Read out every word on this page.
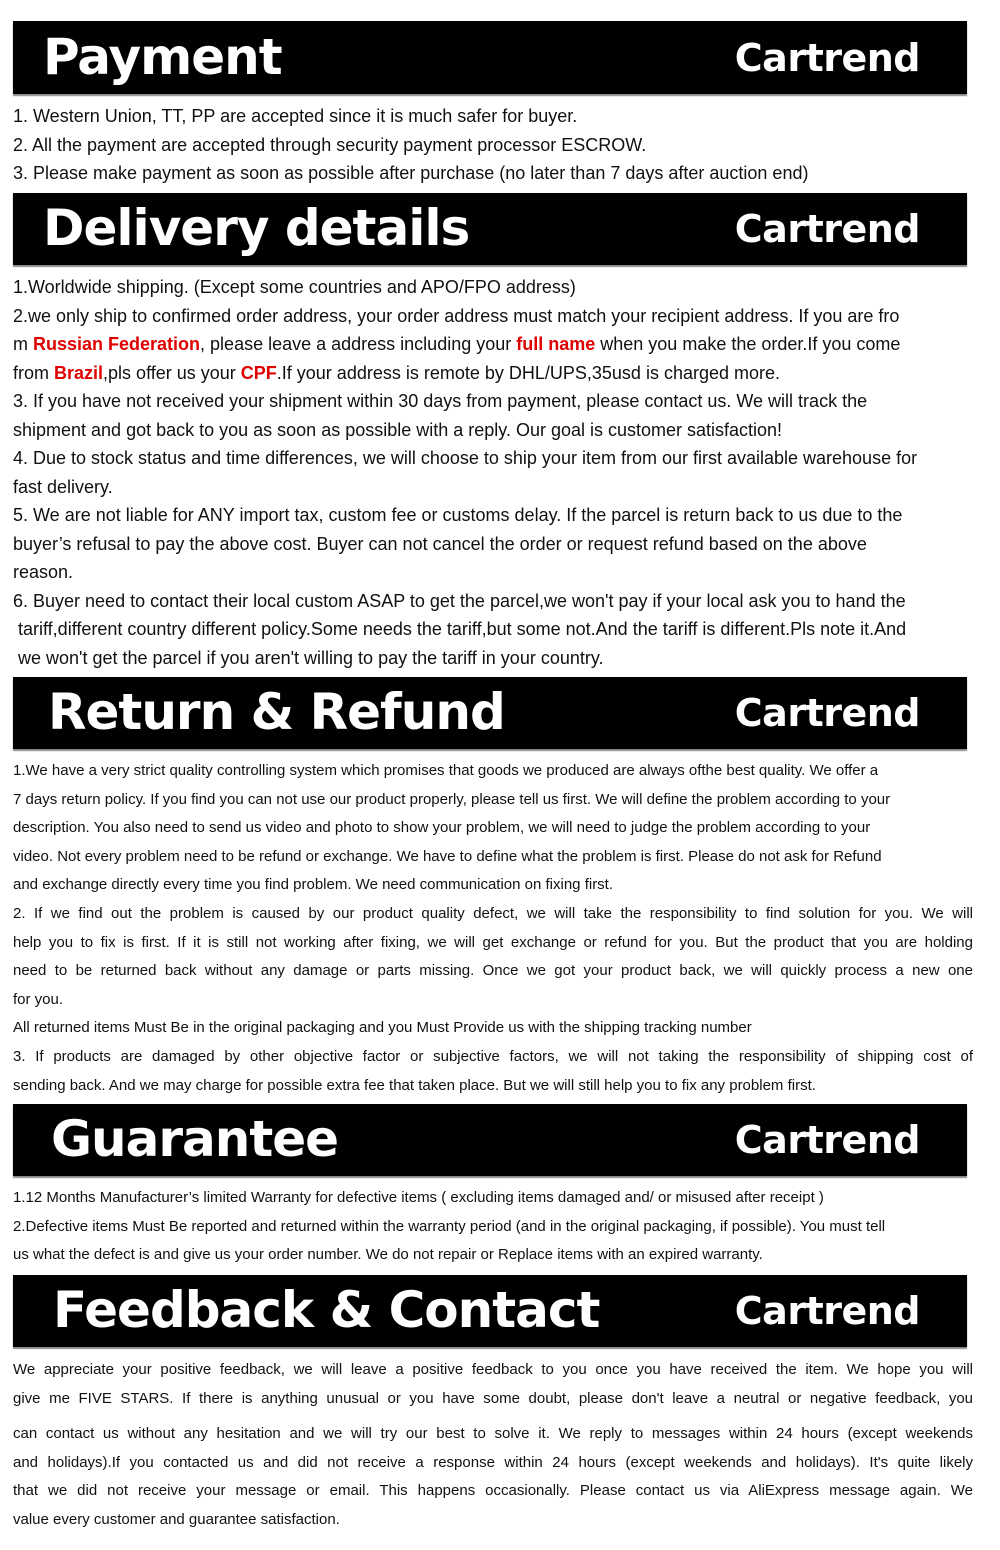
Payment	Cartrend

1. Western Union, TT, PP are accepted since it is much safer for buyer.

2. All the payment are accepted through security payment processor ESCROW.

3. Please make payment as soon as possible after purchase (no later than 7 days after auction end)

Delivery details	Cartrend

1.Worldwide shipping. (Except some countries and APO/FPO address)

2.we only ship to confirmed order address, your order address must match your recipient address. If you are fro

m Russian Federation, please leave a address including your full name when you make the order.If you come

from Brazil,pls offer us your CPF.If your address is remote by DHL/UPS,35usd is charged more.

3. If you have not received your shipment within 30 days from payment, please contact us. We will track the

shipment and got back to you as soon as possible with a reply. Our goal is customer satisfaction!

4. Due to stock status and time differences, we will choose to ship your item from our first available warehouse for

fast delivery.

5. We are not liable for ANY import tax, custom fee or customs delay. If the parcel is return back to us due to the

buyer’s refusal to pay the above cost. Buyer can not cancel the order or request refund based on the above

reason.

6. Buyer need to contact their local custom ASAP to get the parcel,we won't pay if your local ask you to hand the

tariff,different country different policy.Some needs the tariff,but some not.And the tariff is different.Pls note it.And

we won't get the parcel if you aren't willing to pay the tariff in your country.

Return & Refund	Cartrend

1.We have a very strict quality controlling system which promises that goods we produced are always ofthe best quality. We offer a

7 days return policy. If you find you can not use our product properly, please tell us first. We will define the problem according to your

description. You also need to send us video and photo to show your problem, we will need to judge the problem according to your

video. Not every problem need to be refund or exchange. We have to define what the problem is first. Please do not ask for Refund

and exchange directly every time you find problem. We need communication on fixing first.

2. If we find out the problem is caused by our product quality defect, we will take the responsibility to find solution for you. We will

help you to fix is first. If it is still not working after fixing, we will get exchange or refund for you. But the product that you are holding

need to be returned back without any damage or parts missing. Once we got your product back, we will quickly process a new one

for you.

All returned items Must Be in the original packaging and you Must Provide us with the shipping tracking number

3. If products are damaged by other objective factor or subjective factors, we will not taking the responsibility of shipping cost of

sending back. And we may charge for possible extra fee that taken place. But we will still help you to fix any problem first.

Guarantee	Cartrend

1.12 Months Manufacturer’s limited Warranty for defective items ( excluding items damaged and/ or misused after receipt )

2.Defective items Must Be reported and returned within the warranty period (and in the original packaging, if possible). You must tell

us what the defect is and give us your order number. We do not repair or Replace items with an expired warranty.

Feedback & Contact	Cartrend

We appreciate your positive feedback, we will leave a positive feedback to you once you have received the item. We hope you will

give me FIVE STARS. If there is anything unusual or you have some doubt, please don't leave a neutral or negative feedback, you

can contact us without any hesitation and we will try our best to solve it. We reply to messages within 24 hours (except weekends

and holidays).If you contacted us and did not receive a response within 24 hours (except weekends and holidays). It's quite likely

that we did not receive your message or email. This happens occasionally. Please contact us via AliExpress message again. We

value every customer and guarantee satisfaction.
